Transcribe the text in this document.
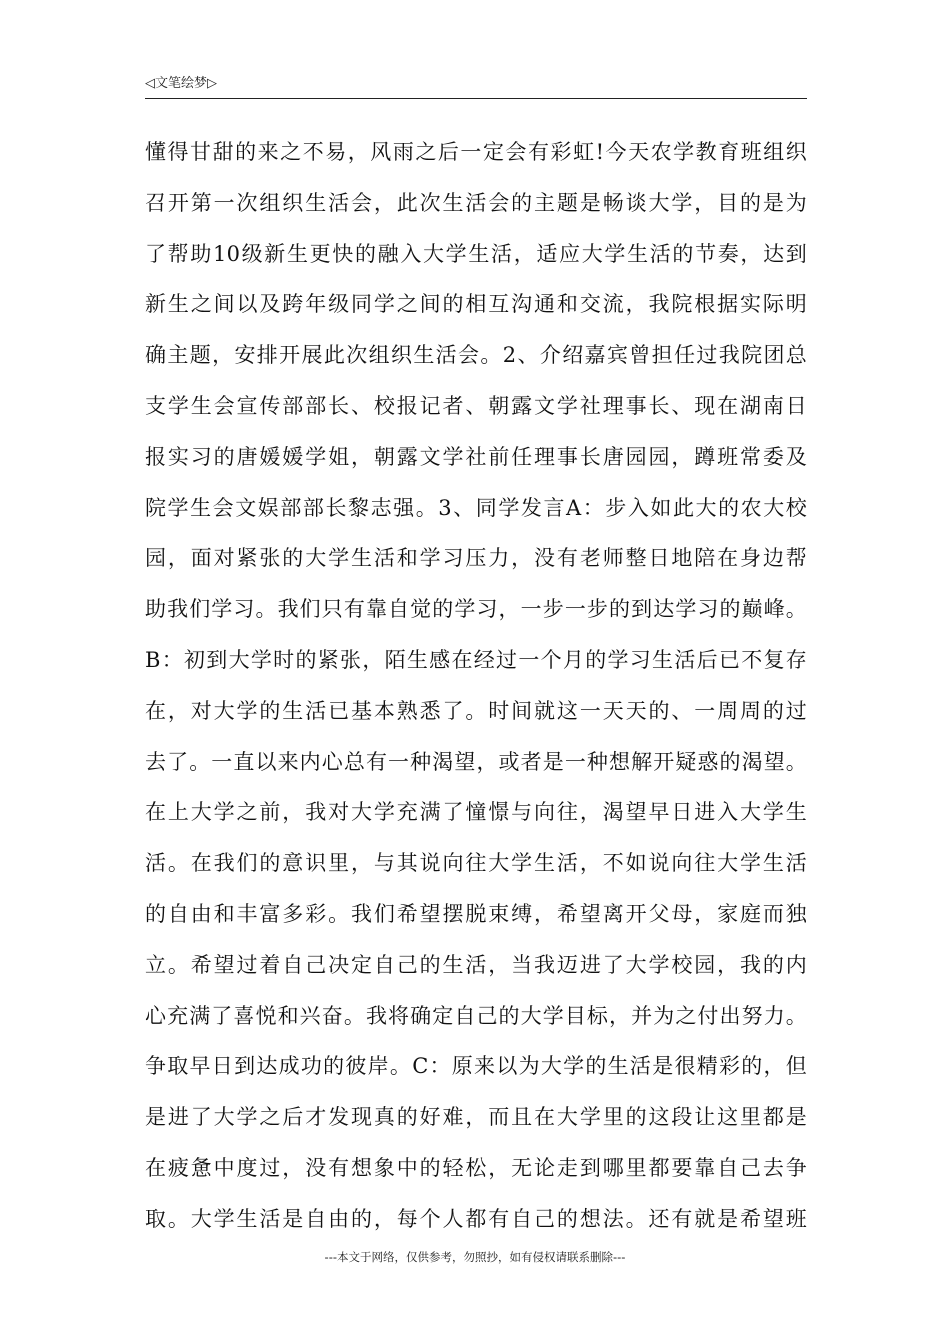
◁文笔绘梦▷
懂得甘甜的来之不易，风雨之后一定会有彩虹!今天农学教育班组织
召开第一次组织生活会，此次生活会的主题是畅谈大学，目的是为
了帮助10级新生更快的融入大学生活，适应大学生活的节奏，达到
新生之间以及跨年级同学之间的相互沟通和交流，我院根据实际明
确主题，安排开展此次组织生活会。2、介绍嘉宾曾担任过我院团总
支学生会宣传部部长、校报记者、朝露文学社理事长、现在湖南日
报实习的唐媛媛学姐，朝露文学社前任理事长唐园园，蹲班常委及
院学生会文娱部部长黎志强。3、同学发言A：步入如此大的农大校
园，面对紧张的大学生活和学习压力，没有老师整日地陪在身边帮
助我们学习。我们只有靠自觉的学习，一步一步的到达学习的巅峰。
B：初到大学时的紧张，陌生感在经过一个月的学习生活后已不复存
在，对大学的生活已基本熟悉了。时间就这一天天的、一周周的过
去了。一直以来内心总有一种渴望，或者是一种想解开疑惑的渴望。
在上大学之前，我对大学充满了憧憬与向往，渴望早日进入大学生
活。在我们的意识里，与其说向往大学生活，不如说向往大学生活
的自由和丰富多彩。我们希望摆脱束缚，希望离开父母，家庭而独
立。希望过着自己决定自己的生活，当我迈进了大学校园，我的内
心充满了喜悦和兴奋。我将确定自己的大学目标，并为之付出努力。
争取早日到达成功的彼岸。C：原来以为大学的生活是很精彩的，但
是进了大学之后才发现真的好难，而且在大学里的这段让这里都是
在疲惫中度过，没有想象中的轻松，无论走到哪里都要靠自己去争
取。大学生活是自由的，每个人都有自己的想法。还有就是希望班
---本文于网络，仅供参考，勿照抄，如有侵权请联系删除---
